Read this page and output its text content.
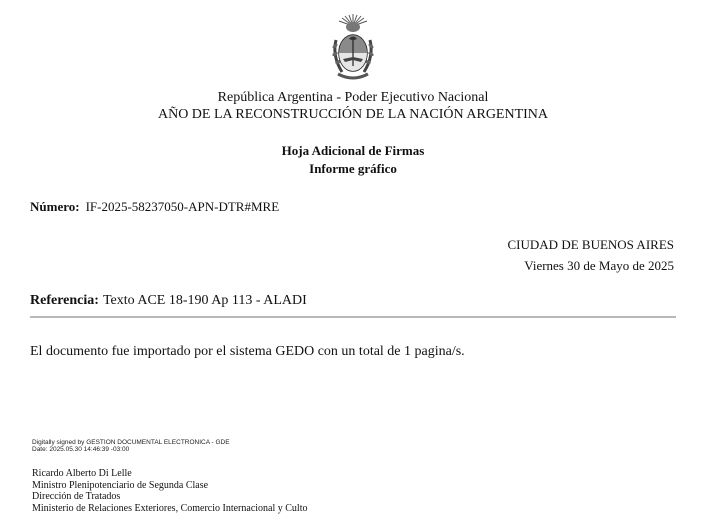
República Argentina - Poder Ejecutivo Nacional
AÑO DE LA RECONSTRUCCIÓN DE LA NACIÓN ARGENTINA
Hoja Adicional de Firmas
Informe gráfico
Número: IF-2025-58237050-APN-DTR#MRE
CIUDAD DE BUENOS AIRES
Viernes 30 de Mayo de 2025
Referencia: Texto ACE 18-190 Ap 113 - ALADI
El documento fue importado por el sistema GEDO con un total de 1 pagina/s.
Digitally signed by GESTION DOCUMENTAL ELECTRONICA - GDE
Date: 2025.05.30 14:46:39 -03:00
Ricardo Alberto Di Lelle
Ministro Plenipotenciario de Segunda Clase
Dirección de Tratados
Ministerio de Relaciones Exteriores, Comercio Internacional y Culto
